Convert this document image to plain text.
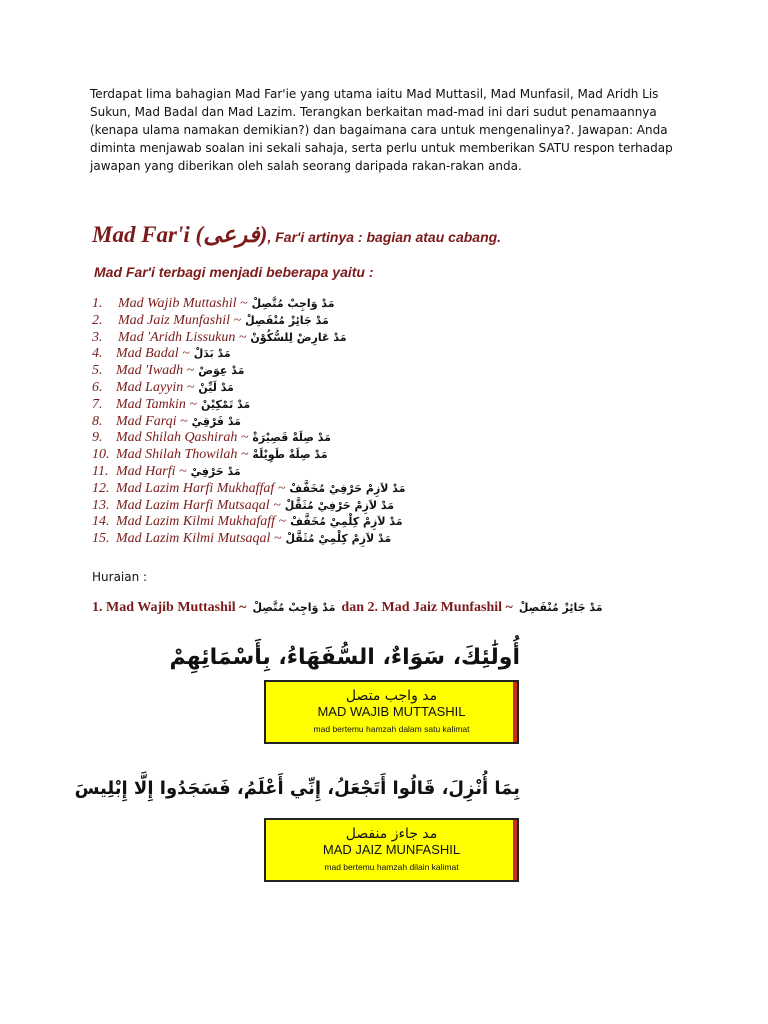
Terdapat lima bahagian Mad Far'ie yang utama iaitu Mad Muttasil, Mad Munfasil, Mad Aridh Lis Sukun, Mad Badal dan Mad Lazim. Terangkan berkaitan mad-mad ini dari sudut penamaannya (kenapa ulama namakan demikian?) dan bagaimana cara untuk mengenalinya?. Jawapan: Anda diminta menjawab soalan ini sekali sahaja, serta perlu untuk memberikan SATU respon terhadap jawapan yang diberikan oleh salah seorang daripada rakan-rakan anda.
Mad Far'i (فرعى), Far'i artinya : bagian atau cabang.
Mad Far'i terbagi menjadi beberapa yaitu :
1. Mad Wajib Muttashil ~ مَدْ وَاجِبْ مُتَّصِلْ
2. Mad Jaiz Munfashil ~ مَدْ جَائِزْ مُنْفَصِلْ
3. Mad 'Aridh Lissukun ~ مَدْ عَارِضْ لِلسُّكُوْنْ
4. Mad Badal ~ مَدْ بَدَلْ
5. Mad 'Iwadh ~ مَدْ عِوَضْ
6. Mad Layyin ~ مَدْ لَيِّنْ
7. Mad Tamkin ~ مَدْ تَمْكِيْنْ
8. Mad Farqi ~ مَدْ فَرْقِيْ
9. Mad Shilah Qashirah ~ مَدْ صِلَةْ قَصِيْرَةْ
10. Mad Shilah Thowilah ~ مَدْ صِلَةْ طَوِيْلَةْ
11. Mad Harfi ~ مَدْ حَرْفِيْ
12. Mad Lazim Harfi Mukhaffaf ~ مَدْ لاَزِمْ حَرْفِيْ مُخَفَّفْ
13. Mad Lazim Harfi Mutsaqal ~ مَدْ لاَزِمْ حَرْفِيْ مُثَقَّلْ
14. Mad Lazim Kilmi Mukhafaff ~ مَدْ لاَزِمْ كِلْمِيْ مُخَفَّفْ
15. Mad Lazim Kilmi Mutsaqal ~ مَدْ لاَزِمْ كِلْمِيْ مُثَقَّلْ
Huraian :
1. Mad Wajib Muttashil ~ مَدْ وَاجِبْ مُتَّصِلْ dan 2. Mad Jaiz Munfashil ~ مَدْ جَائِزْ مُنْفَصِلْ
أُولَٰئِكَ، سَوَاءٌ، السُّفَهَاءُ، بِأَسْمَائِهِمْ
مد واجب متصل
MAD WAJIB MUTTASHIL
mad bertemu hamzah dalam satu kalimat
بِمَا أُنْزِلَ، قَالُوا أَتَجْعَلُ، إِنِّي أَعْلَمُ، فَسَجَدُوا إِلَّا إِبْلِيسَ
مد جاءز منفصل
MAD JAIZ MUNFASHIL
mad bertemu hamzah dilain kalimat
